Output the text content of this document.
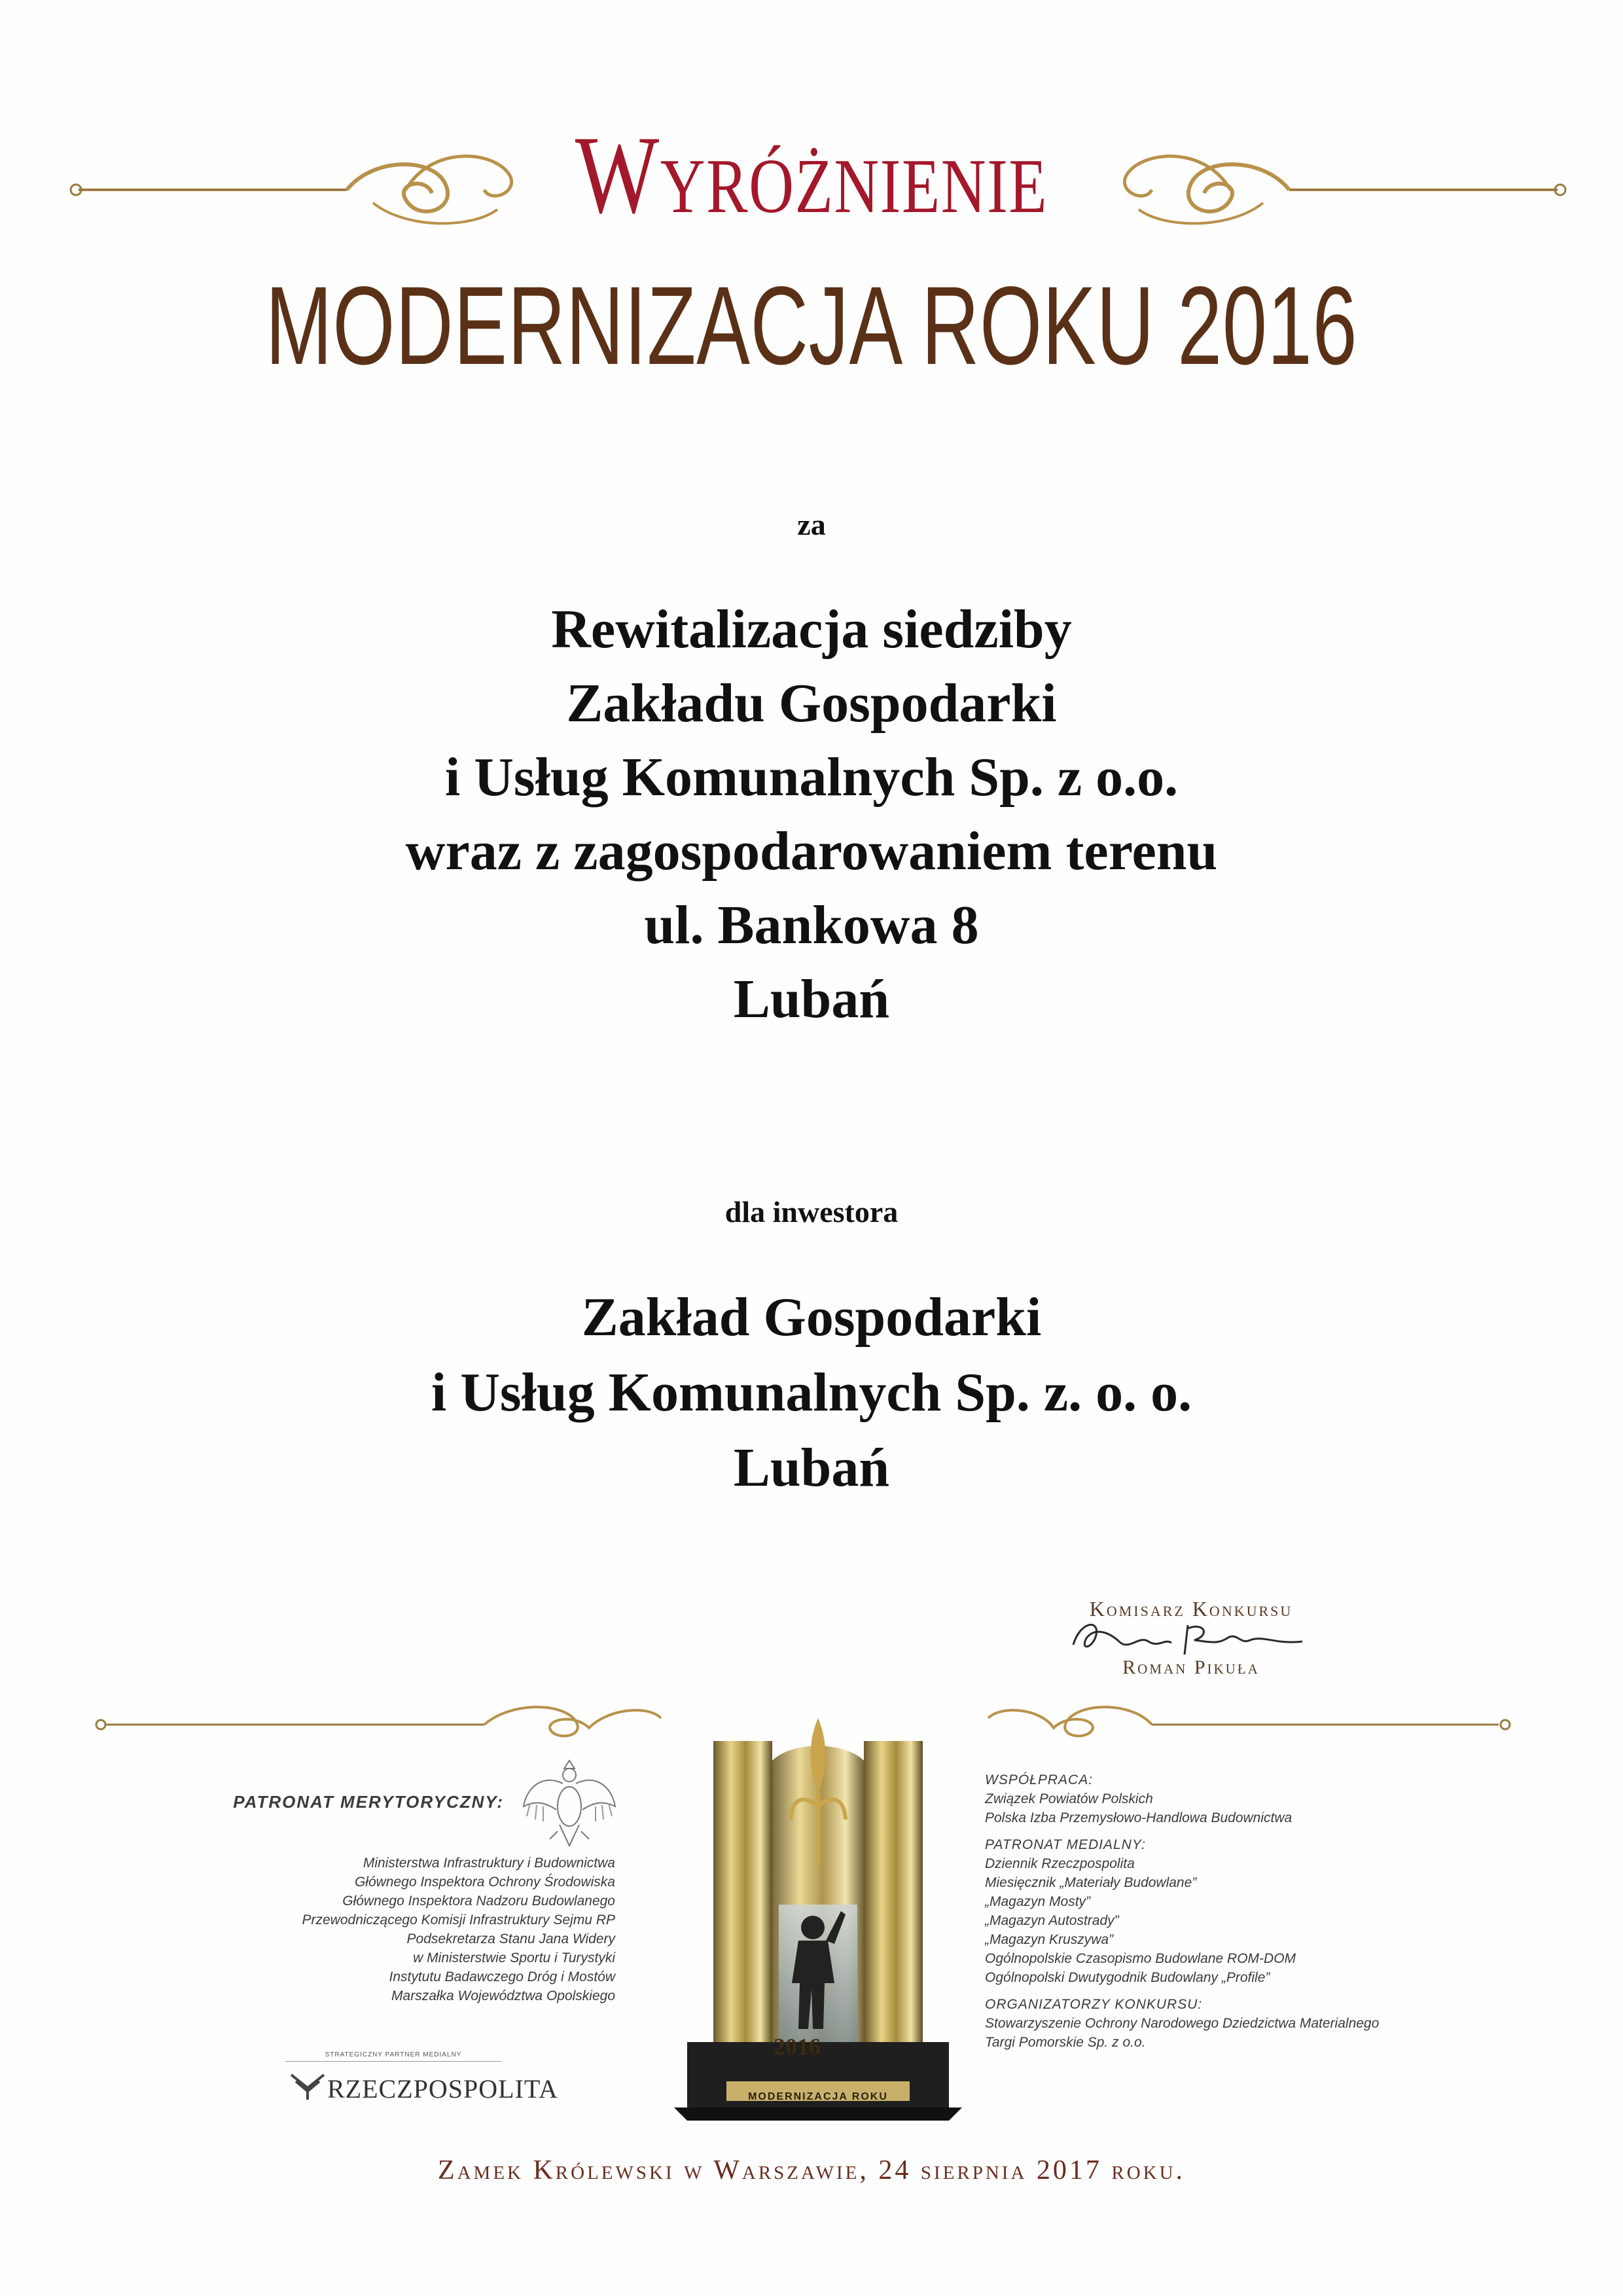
Wyróżnienie
MODERNIZACJA ROKU 2016
za
Rewitalizacja siedziby
Zakładu Gospodarki
i Usług Komunalnych Sp. z o.o.
wraz z zagospodarowaniem terenu
ul. Bankowa 8
Lubań
dla inwestora
Zakład Gospodarki
i Usług Komunalnych Sp. z. o. o.
Lubań
Komisarz Konkursu
Roman Pikuła
PATRONAT MERYTORYCZNY:
Ministerstwa Infrastruktury i Budownictwa
Głównego Inspektora Ochrony Środowiska
Głównego Inspektora Nadzoru Budowlanego
Przewodniczącego Komisji Infrastruktury Sejmu RP
Podsekretarza Stanu Jana Widery
w Ministerstwie Sportu i Turystyki
Instytutu Badawczego Dróg i Mostów
Marszałka Województwa Opolskiego
STRATEGICZNY PARTNER MEDIALNY
RZECZPOSPOLITA
2016
MODERNIZACJA ROKU
WSPÓŁPRACA:
Związek Powiatów Polskich
Polska Izba Przemysłowo-Handlowa Budownictwa
PATRONAT MEDIALNY:
Dziennik Rzeczpospolita
Miesięcznik „Materiały Budowlane”
„Magazyn Mosty”
„Magazyn Autostrady”
„Magazyn Kruszywa”
Ogólnopolskie Czasopismo Budowlane ROM-DOM
Ogólnopolski Dwutygodnik Budowlany „Profile”
ORGANIZATORZY KONKURSU:
Stowarzyszenie Ochrony Narodowego Dziedzictwa Materialnego
Targi Pomorskie Sp. z o.o.
Zamek Królewski w Warszawie, 24 sierpnia 2017 roku.
